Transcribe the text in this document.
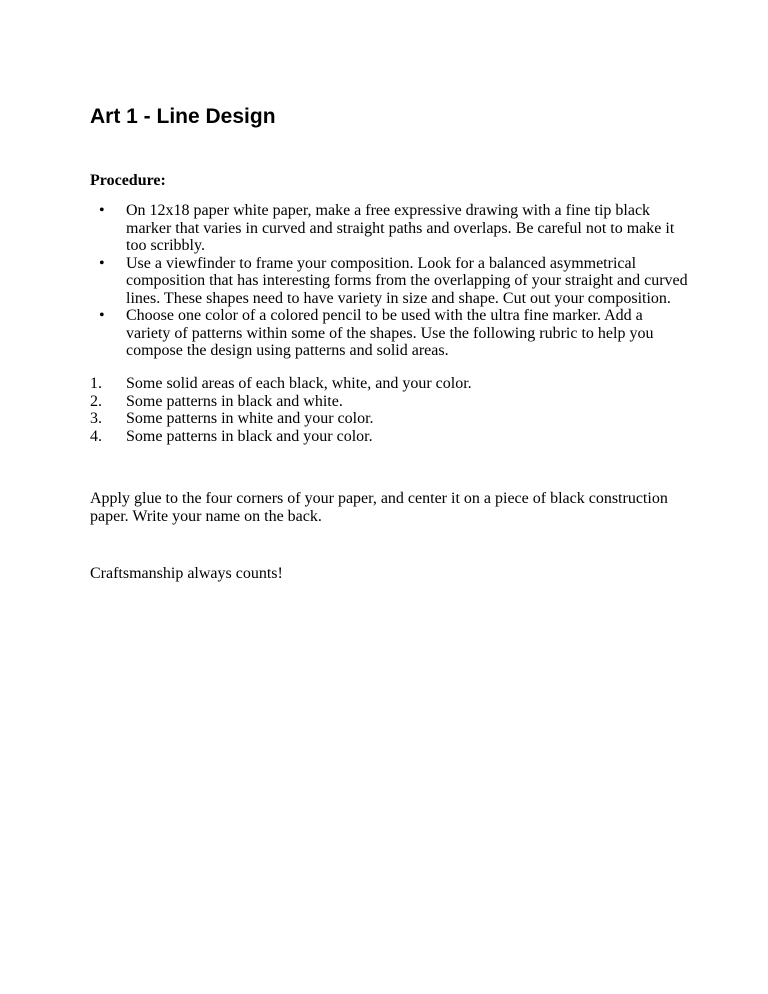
Art 1 - Line Design

Procedure:

• On 12x18 paper white paper, make a free expressive drawing with a fine tip black marker that varies in curved and straight paths and overlaps. Be careful not to make it too scribbly.
• Use a viewfinder to frame your composition. Look for a balanced asymmetrical composition that has interesting forms from the overlapping of your straight and curved lines. These shapes need to have variety in size and shape. Cut out your composition.
• Choose one color of a colored pencil to be used with the ultra fine marker. Add a variety of patterns within some of the shapes. Use the following rubric to help you compose the design using patterns and solid areas.
1. Some solid areas of each black, white, and your color.
2. Some patterns in black and white.
3. Some patterns in white and your color.
4. Some patterns in black and your color.

Apply glue to the four corners of your paper, and center it on a piece of black construction paper. Write your name on the back.

Craftsmanship always counts!
